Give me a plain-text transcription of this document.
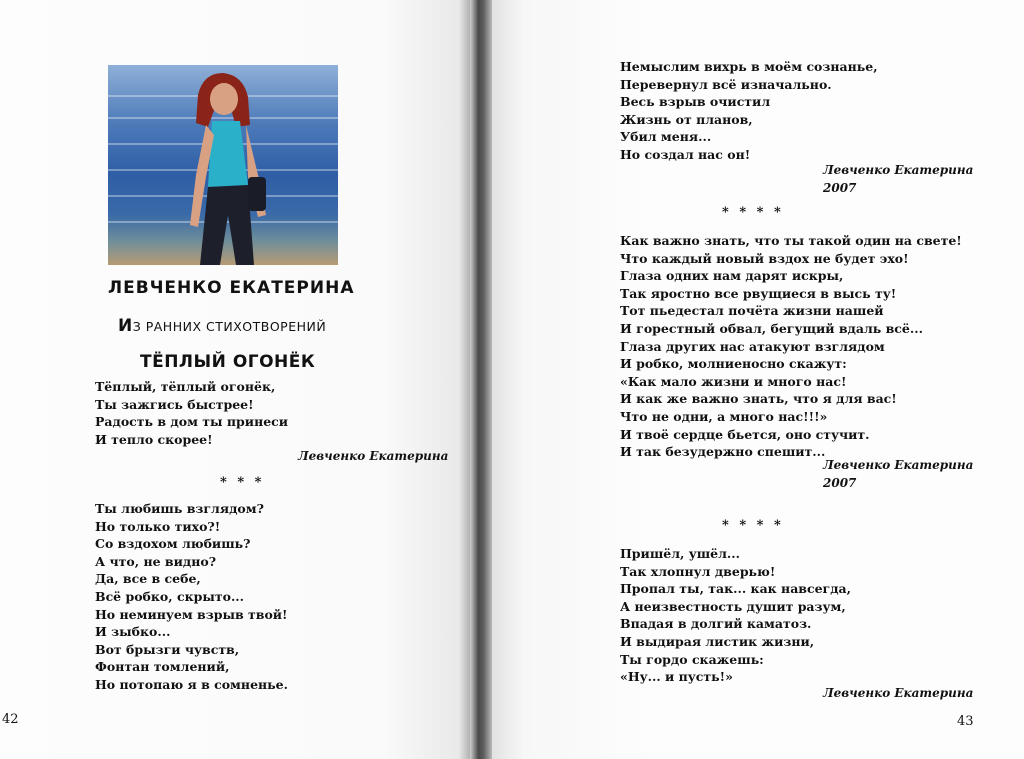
ЛЕВЧЕНКО ЕКАТЕРИНА
ИЗ РАННИХ СТИХОТВОРЕНИЙ
ТЁПЛЫЙ ОГОНЁК
Тёплый, тёплый огонёк,
Ты зажгись быстрее!
Радость в дом ты принеси
И тепло скорее!
Левченко Екатерина
* * *
Ты любишь взглядом?
Но только тихо?!
Со вздохом любишь?
А что, не видно?
Да, все в себе,
Всё робко, скрыто...
Но неминуем взрыв твой!
И зыбко...
Вот брызги чувств,
Фонтан томлений,
Но потопаю я в сомненье.
42
Немыслим вихрь в моём сознанье,
Перевернул всё изначально.
Весь взрыв очистил
Жизнь от планов,
Убил меня...
Но создал нас он!
Левченко Екатерина
2007
* * * *
Как важно знать, что ты такой один на свете!
Что каждый новый вздох не будет эхо!
Глаза одних нам дарят искры,
Так яростно все рвущиеся в высь ту!
Тот пьедестал почёта жизни нашей
И горестный обвал, бегущий вдаль всё...
Глаза других нас атакуют взглядом
И робко, молниеносно скажут:
«Как мало жизни и много нас!
И как же важно знать, что я для вас!
Что не одни, а много нас!!!»
И твоё сердце бьется, оно стучит.
И так безудержно спешит...
Левченко Екатерина
2007
* * * *
Пришёл, ушёл...
Так хлопнул дверью!
Пропал ты, так... как навсегда,
А неизвестность душит разум,
Впадая в долгий каматоз.
И выдирая листик жизни,
Ты гордо скажешь:
«Ну... и пусть!»
Левченко Екатерина
43
